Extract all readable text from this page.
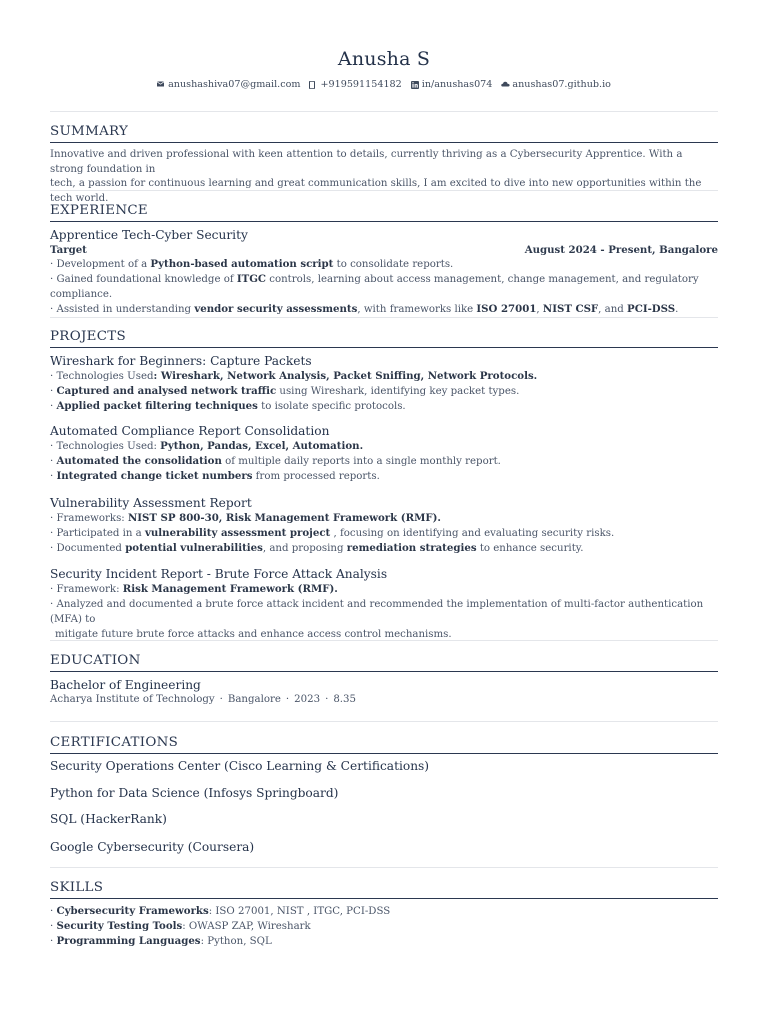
Anusha S
anushashiva07@gmail.com +919591154182 in/anushas074 anushas07.github.io
SUMMARY

Innovative and driven professional with keen attention to details, currently thriving as a Cybersecurity Apprentice. With a strong foundation in

tech, a passion for continuous learning and great communication skills, I am excited to dive into new opportunities within the tech world.

EXPERIENCE
Apprentice Tech-Cyber Security
Target	August 2024 - Present, Bangalore
· Development of a Python-based automation script to consolidate reports.
· Gained foundational knowledge of ITGC controls, learning about access management, change management, and regulatory compliance.
· Assisted in understanding vendor security assessments, with frameworks like ISO 27001, NIST CSF, and PCI-DSS.
PROJECTS
Wireshark for Beginners: Capture Packets
· Technologies Used: Wireshark, Network Analysis, Packet Sniffing, Network Protocols.
· Captured and analysed network traffic using Wireshark, identifying key packet types.
· Applied packet filtering techniques to isolate specific protocols.
Automated Compliance Report Consolidation
· Technologies Used: Python, Pandas, Excel, Automation.
· Automated the consolidation of multiple daily reports into a single monthly report.
· Integrated change ticket numbers from processed reports.
Vulnerability Assessment Report
· Frameworks: NIST SP 800-30, Risk Management Framework (RMF).
· Participated in a vulnerability assessment project , focusing on identifying and evaluating security risks.
· Documented potential vulnerabilities, and proposing remediation strategies to enhance security.
Security Incident Report - Brute Force Attack Analysis
· Framework: Risk Management Framework (RMF).
· Analyzed and documented a brute force attack incident and recommended the implementation of multi-factor authentication (MFA) to
mitigate future brute force attacks and enhance access control mechanisms.
EDUCATION
Bachelor of Engineering
Acharya Institute of Technology · Bangalore · 2023 · 8.35
CERTIFICATIONS
Security Operations Center (Cisco Learning & Certifications)
Python for Data Science (Infosys Springboard)
SQL (HackerRank)
Google Cybersecurity (Coursera)
SKILLS
· Cybersecurity Frameworks: ISO 27001, NIST , ITGC, PCI-DSS
· Security Testing Tools: OWASP ZAP, Wireshark
· Programming Languages: Python, SQL
